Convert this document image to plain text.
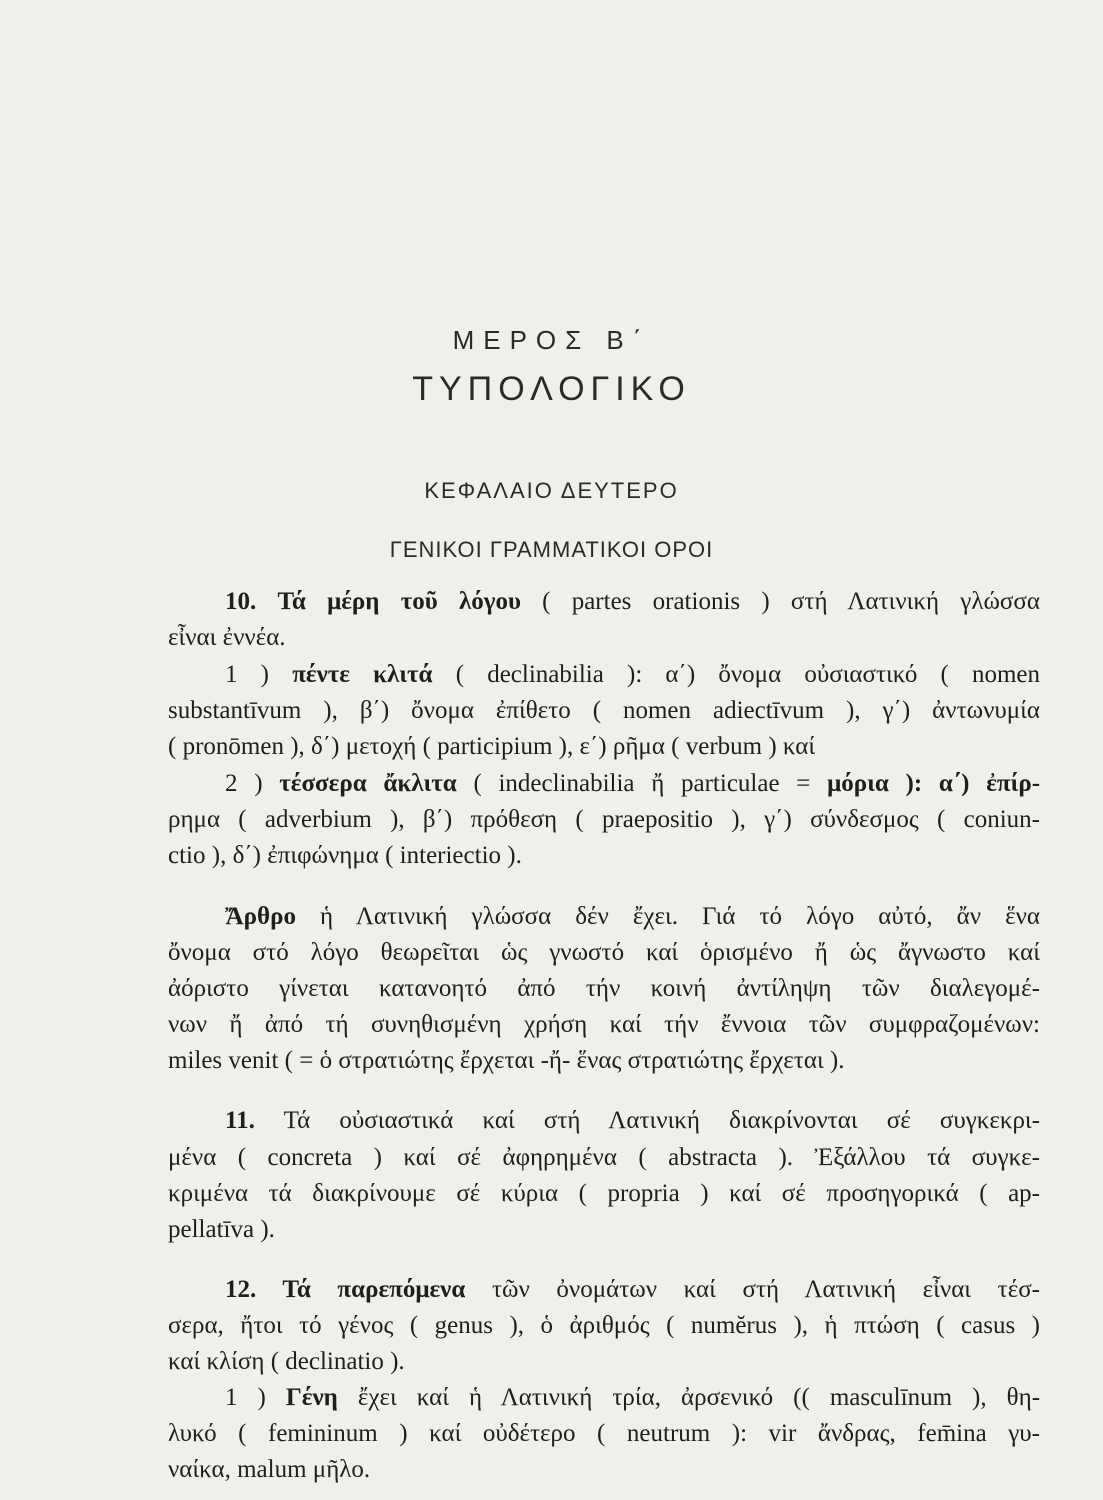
ΜΕΡΟΣ Β΄
ΤΥΠΟΛΟΓΙΚΟ
ΚΕΦΑΛΑΙΟ ΔΕΥΤΕΡΟ
ΓΕΝΙΚΟΙ ΓΡΑΜΜΑΤΙΚΟΙ ΟΡΟΙ
10. Τά μέρη τοῦ λόγου ( partes orationis ) στή Λατινική γλώσσα
εἶναι ἐννέα.
1 ) πέντε κλιτά ( declinabilia ): α΄) ὄνομα οὐσιαστικό ( nomen
substantīvum ), β΄) ὄνομα ἐπίθετο ( nomen adiectīvum ), γ΄) ἀντωνυμία
( pronōmen ), δ΄) μετοχή ( participium ), ε΄) ρῆμα ( verbum ) καί
2 ) τέσσερα ἄκλιτα ( indeclinabilia ἤ particulae = μόρια ): α΄) ἐπίρ-
ρημα ( adverbium ), β΄) πρόθεση ( praepositio ), γ΄) σύνδεσμος ( coniun-
ctio ), δ΄) ἐπιφώνημα ( interiectio ).
Ἄρθρο ἡ Λατινική γλώσσα δέν ἔχει. Γιά τό λόγο αὐτό, ἄν ἕνα
ὄνομα στό λόγο θεωρεῖται ὡς γνωστό καί ὁρισμένο ἤ ὡς ἄγνωστο καί
ἀόριστο γίνεται κατανοητό ἀπό τήν κοινή ἀντίληψη τῶν διαλεγομέ-
νων ἤ ἀπό τή συνηθισμένη χρήση καί τήν ἔννοια τῶν συμφραζομένων:
miles venit ( = ὁ στρατιώτης ἔρχεται -ἤ- ἕνας στρατιώτης ἔρχεται ).
11. Τά οὐσιαστικά καί στή Λατινική διακρίνονται σέ συγκεκρι-
μένα ( concreta ) καί σέ ἀφηρημένα ( abstracta ). Ἐξάλλου τά συγκε-
κριμένα τά διακρίνουμε σέ κύρια ( propria ) καί σέ προσηγορικά ( ap-
pellatīva ).
12. Τά παρεπόμενα τῶν ὀνομάτων καί στή Λατινική εἶναι τέσ-
σερα, ἤτοι τό γένος ( genus ), ὁ ἀριθμός ( numĕrus ), ἡ πτώση ( casus )
καί κλίση ( declinatio ).
1 ) Γένη ἔχει καί ἡ Λατινική τρία, ἀρσενικό (( masculīnum ), θη-
λυκό ( femininum ) καί οὐδέτερο ( neutrum ): vir ἄνδρας, fem̄ina γυ-
ναίκα, malum μῆλο.
